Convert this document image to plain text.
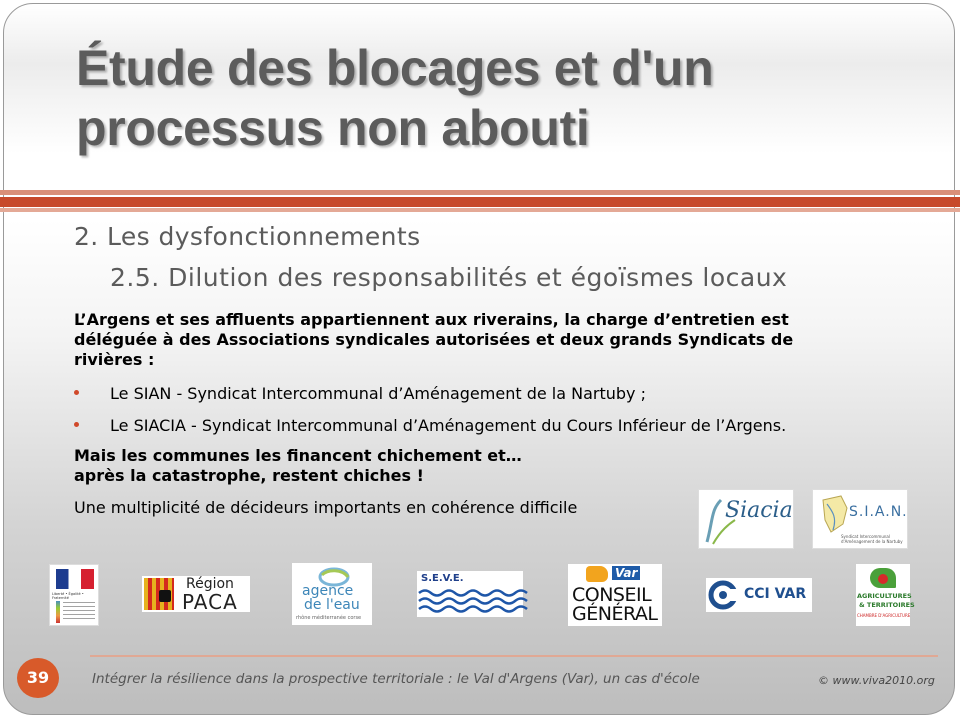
Étude des blocages et d'un
processus non abouti
2. Les dysfonctionnements
2.5. Dilution des responsabilités et égoïsmes locaux
L’Argens et ses affluents appartiennent aux riverains, la charge d’entretien est
déléguée à des Associations syndicales autorisées et deux grands Syndicats de
rivières :
Le SIAN - Syndicat Intercommunal d’Aménagement de la Nartuby ;
Le SIACIA - Syndicat Intercommunal d’Aménagement du Cours Inférieur de l’Argens.
Mais les communes les financent chichement et…
après la catastrophe, restent chiches !
Une multiplicité de décideurs importants en cohérence difficile	Siacia	S.I.A.N.
Syndicat Intercommunal d'Aménagement de la Nartuby
Liberté • Égalité • Fraternité
Région
PACA	agence
de l'eau
rhône méditerranée corse
S.E.V.E.	Var
CONSEIL
GÉNÉRAL
CCI VAR	AGRICULTURES
& TERRITOIRES
CHAMBRE D'AGRICULTURE
39	Intégrer la résilience dans la prospective territoriale : le Val d'Argens (Var), un cas d'école	© www.viva2010.org
